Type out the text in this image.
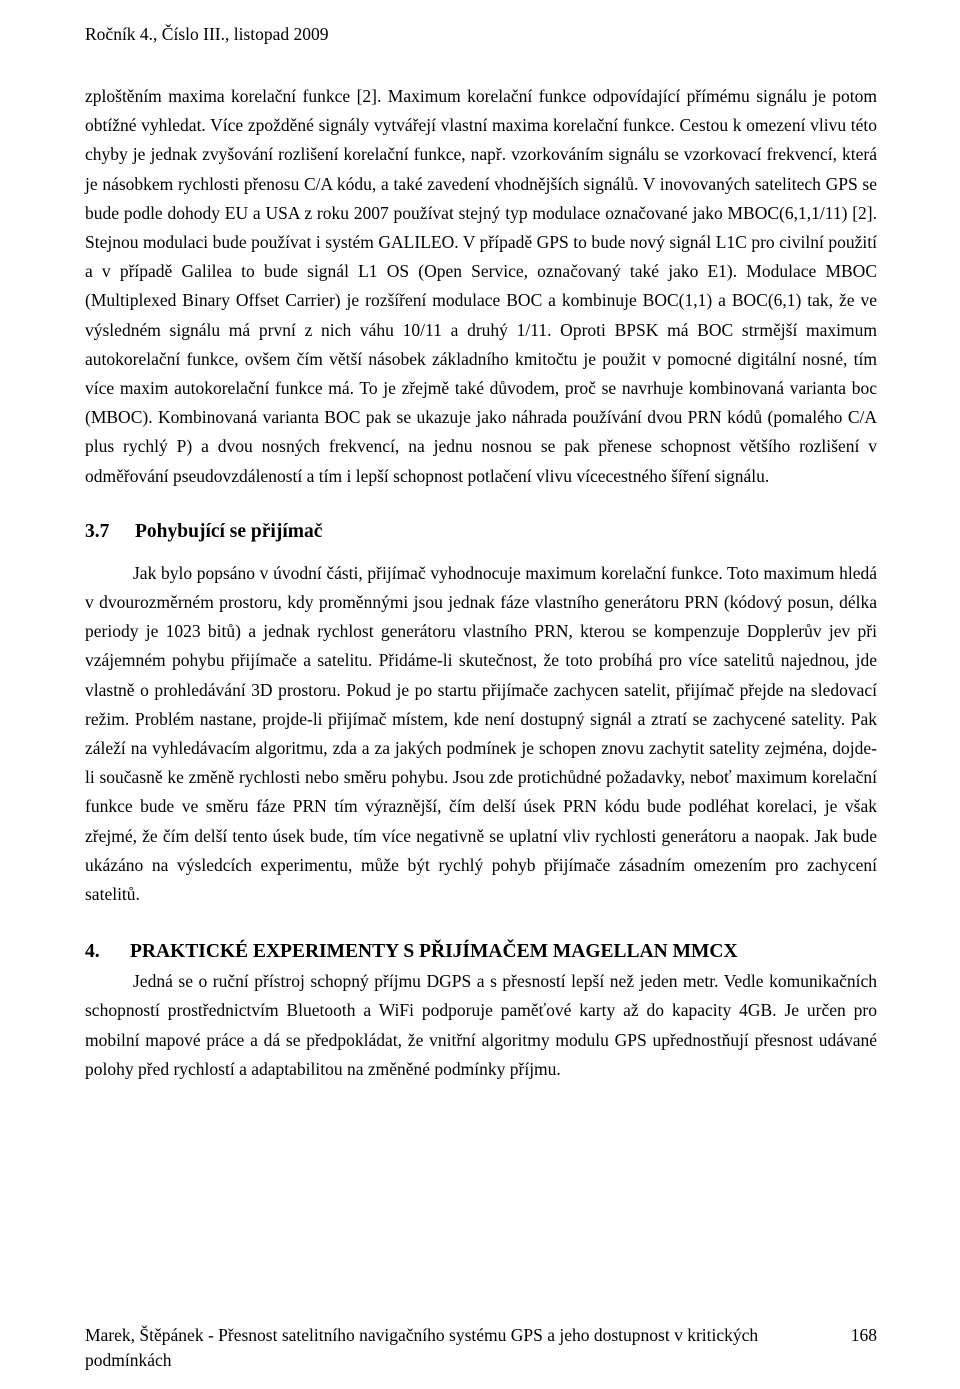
Ročník 4., Číslo III., listopad 2009

zploštěním maxima korelační funkce [2]. Maximum korelační funkce odpovídající přímému signálu je potom obtížné vyhledat. Více zpožděné signály vytvářejí vlastní maxima korelační funkce. Cestou k omezení vlivu této chyby je jednak zvyšování rozlišení korelační funkce, např. vzorkováním signálu se vzorkovací frekvencí, která je násobkem rychlosti přenosu C/A kódu, a také zavedení vhodnějších signálů. V inovovaných satelitech GPS se bude podle dohody EU a USA z roku 2007 používat stejný typ modulace označované jako MBOC(6,1,1/11) [2]. Stejnou modulaci bude používat i systém GALILEO. V případě GPS to bude nový signál L1C pro civilní použití a v případě Galilea to bude signál L1 OS (Open Service, označovaný také jako E1). Modulace MBOC (Multiplexed Binary Offset Carrier) je rozšíření modulace BOC a kombinuje BOC(1,1) a BOC(6,1) tak, že ve výsledném signálu má první z nich váhu 10/11 a druhý 1/11. Oproti BPSK má BOC strmější maximum autokorelační funkce, ovšem čím větší násobek základního kmitočtu je použit v pomocné digitální nosné, tím více maxim autokorelační funkce má. To je zřejmě také důvodem, proč se navrhuje kombinovaná varianta boc (MBOC). Kombinovaná varianta BOC pak se ukazuje jako náhrada používání dvou PRN kódů (pomalého C/A plus rychlý P) a dvou nosných frekvencí, na jednu nosnou se pak přenese schopnost většího rozlišení v odměřování pseudovzdáleností a tím i lepší schopnost potlačení vlivu vícecestného šíření signálu.

3.7 Pohybující se přijímač

Jak bylo popsáno v úvodní části, přijímač vyhodnocuje maximum korelační funkce. Toto maximum hledá v dvourozměrném prostoru, kdy proměnnými jsou jednak fáze vlastního generátoru PRN (kódový posun, délka periody je 1023 bitů) a jednak rychlost generátoru vlastního PRN, kterou se kompenzuje Dopplerův jev při vzájemném pohybu přijímače a satelitu. Přidáme-li skutečnost, že toto probíhá pro více satelitů najednou, jde vlastně o prohledávání 3D prostoru. Pokud je po startu přijímače zachycen satelit, přijímač přejde na sledovací režim. Problém nastane, projde-li přijímač místem, kde není dostupný signál a ztratí se zachycené satelity. Pak záleží na vyhledávacím algoritmu, zda a za jakých podmínek je schopen znovu zachytit satelity zejména, dojde-li současně ke změně rychlosti nebo směru pohybu. Jsou zde protichůdné požadavky, neboť maximum korelační funkce bude ve směru fáze PRN tím výraznější, čím delší úsek PRN kódu bude podléhat korelaci, je však zřejmé, že čím delší tento úsek bude, tím více negativně se uplatní vliv rychlosti generátoru a naopak. Jak bude ukázáno na výsledcích experimentu, může být rychlý pohyb přijímače zásadním omezením pro zachycení satelitů.

4. PRAKTICKÉ EXPERIMENTY S PŘIJÍMAČEM MAGELLAN MMCX

Jedná se o ruční přístroj schopný příjmu DGPS a s přesností lepší než jeden metr. Vedle komunikačních schopností prostřednictvím Bluetooth a WiFi podporuje paměťové karty až do kapacity 4GB. Je určen pro mobilní mapové práce a dá se předpokládat, že vnitřní algoritmy modulu GPS upřednostňují přesnost udávané polohy před rychlostí a adaptabilitou na změněné podmínky příjmu.

Marek, Štěpánek - Přesnost satelitního navigačního systému GPS a jeho dostupnost v kritických podmínkách
168
